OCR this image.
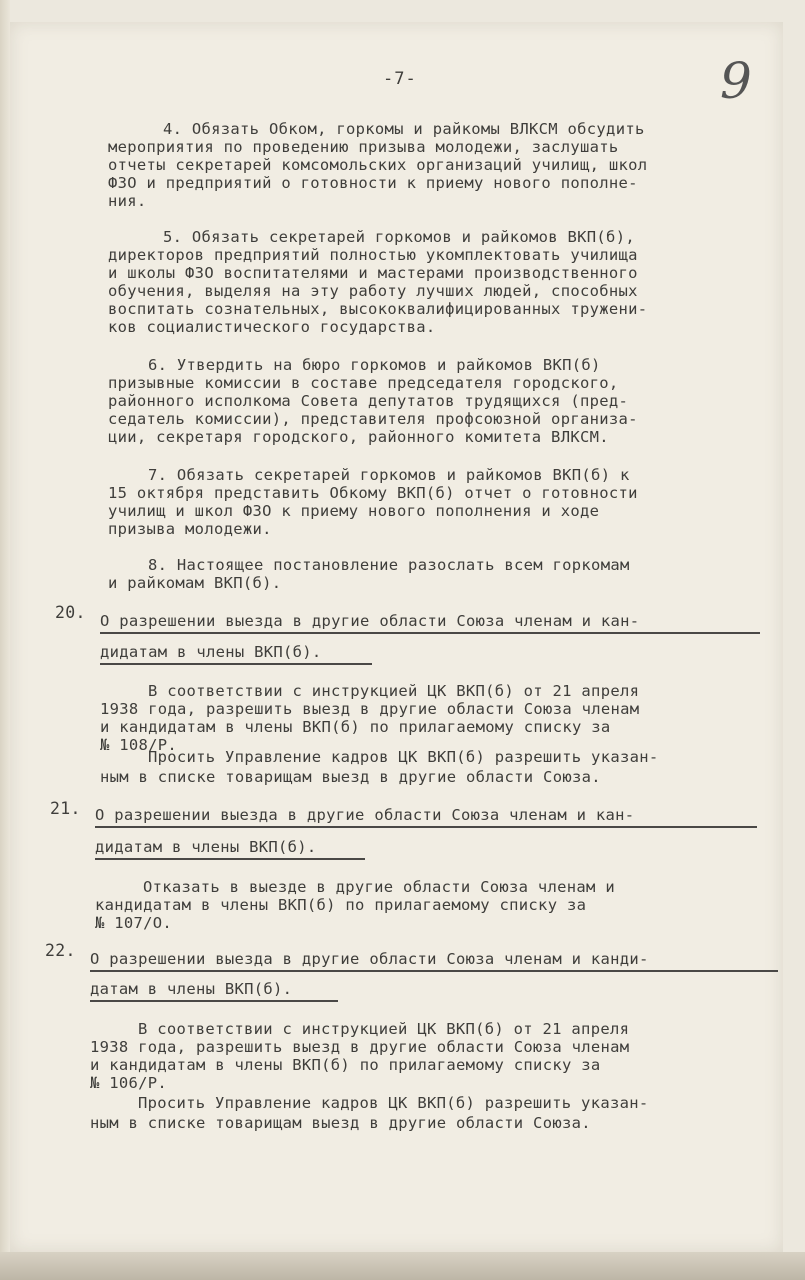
-7-	9
4. Обязать Обком, горкомы и райкомы ВЛКСМ обсудить
мероприятия по проведению призыва молодежи, заслушать
отчеты секретарей комсомольских организаций училищ, школ
ФЗО и предприятий о готовности к приему нового пополне-
ния.
5. Обязать секретарей горкомов и райкомов ВКП(б),
директоров предприятий полностью укомплектовать училища
и школы ФЗО воспитателями и мастерами производственного
обучения, выделяя на эту работу лучших людей, способных
воспитать сознательных, высококвалифицированных тружени-
ков социалистического государства.
6. Утвердить на бюро горкомов и райкомов ВКП(б)
призывные комиссии в составе председателя городского,
районного исполкома Совета депутатов трудящихся (пред-
седатель комиссии), представителя профсоюзной организа-
ции, секретаря городского, районного комитета ВЛКСМ.
7. Обязать секретарей горкомов и райкомов ВКП(б) к
15 октября представить Обкому ВКП(б) отчет о готовности
училищ и школ ФЗО к приему нового пополнения и ходе
призыва молодежи.
8. Настоящее постановление разослать всем горкомам
и райкомам ВКП(б).
20. О разрешении выезда в другие области Союза членам и кан-
дидатам в члены ВКП(б).
В соответствии с инструкцией ЦК ВКП(б) от 21 апреля
1938 года, разрешить выезд в другие области Союза членам
и кандидатам в члены ВКП(б) по прилагаемому списку за
№ 108/Р.
Просить Управление кадров ЦК ВКП(б) разрешить указан-
ным в списке товарищам выезд в другие области Союза.
21. О разрешении выезда в другие области Союза членам и кан-
дидатам в члены ВКП(б).
Отказать в выезде в другие области Союза членам и
кандидатам в члены ВКП(б) по прилагаемому списку за
№ 107/О.
22. О разрешении выезда в другие области Союза членам и канди-
датам в члены ВКП(б).
В соответствии с инструкцией ЦК ВКП(б) от 21 апреля
1938 года, разрешить выезд в другие области Союза членам
и кандидатам в члены ВКП(б) по прилагаемому списку за
№ 106/Р.
Просить Управление кадров ЦК ВКП(б) разрешить указан-
ным в списке товарищам выезд в другие области Союза.
